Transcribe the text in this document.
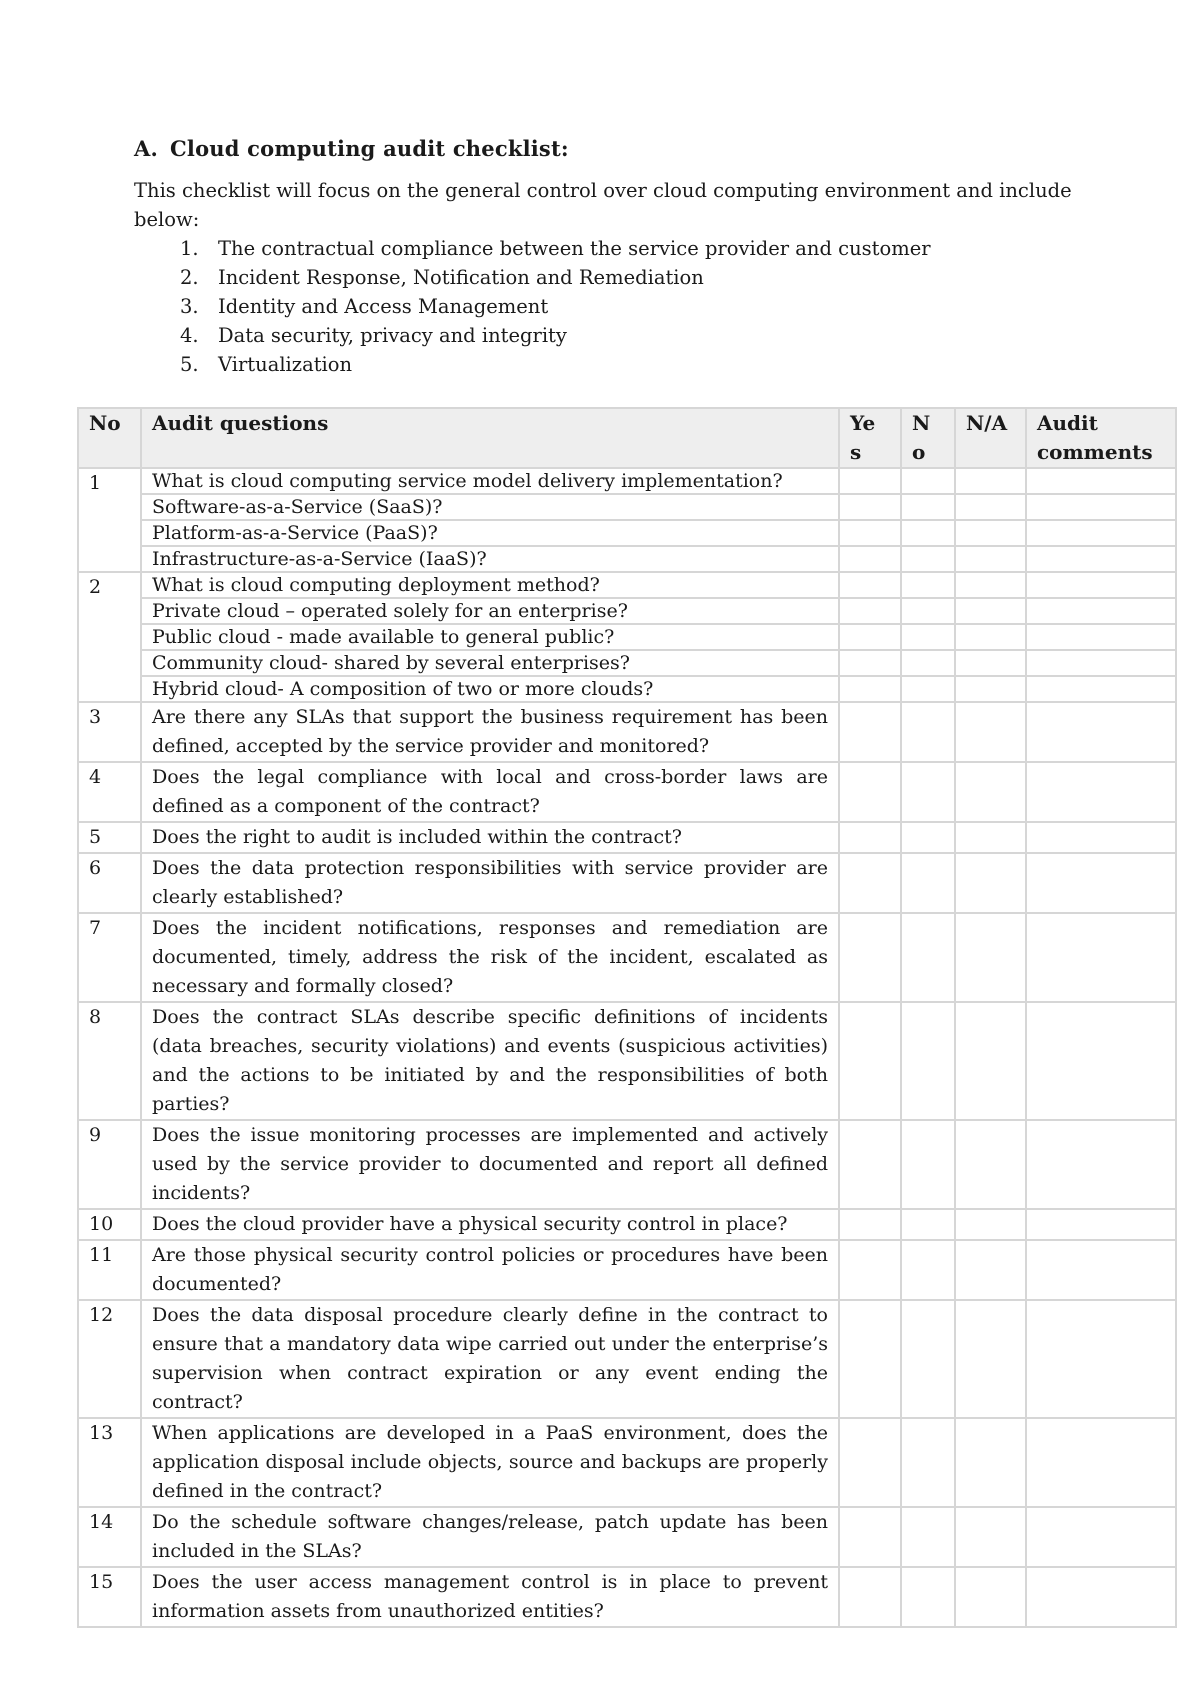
A. Cloud computing audit checklist:
This checklist will focus on the general control over cloud computing environment and include below:
1. The contractual compliance between the service provider and customer
2. Incident Response, Notification and Remediation
3. Identity and Access Management
4. Data security, privacy and integrity
5. Virtualization
No	Audit questions	Ye s	N o	N/A	Audit comments
1	What is cloud computing service model delivery implementation?				
	Software-as-a-Service (SaaS)?				
	Platform-as-a-Service (PaaS)?				
	Infrastructure-as-a-Service (IaaS)?				
2	What is cloud computing deployment method?				
	Private cloud – operated solely for an enterprise?				
	Public cloud - made available to general public?				
	Community cloud- shared by several enterprises?				
	Hybrid cloud- A composition of two or more clouds?				
3	Are there any SLAs that support the business requirement has been defined, accepted by the service provider and monitored?				
4	Does the legal compliance with local and cross-border laws are defined as a component of the contract?				
5	Does the right to audit is included within the contract?				
6	Does the data protection responsibilities with service provider are clearly established?				
7	Does the incident notifications, responses and remediation are documented, timely, address the risk of the incident, escalated as necessary and formally closed?				
8	Does the contract SLAs describe specific definitions of incidents (data breaches, security violations) and events (suspicious activities) and the actions to be initiated by and the responsibilities of both parties?				
9	Does the issue monitoring processes are implemented and actively used by the service provider to documented and report all defined incidents?				
10	Does the cloud provider have a physical security control in place?				
11	Are those physical security control policies or procedures have been documented?				
12	Does the data disposal procedure clearly define in the contract to ensure that a mandatory data wipe carried out under the enterprise’s supervision when contract expiration or any event ending the contract?				
13	When applications are developed in a PaaS environment, does the application disposal include objects, source and backups are properly defined in the contract?				
14	Do the schedule software changes/release, patch update has been included in the SLAs?				
15	Does the user access management control is in place to prevent information assets from unauthorized entities?				
